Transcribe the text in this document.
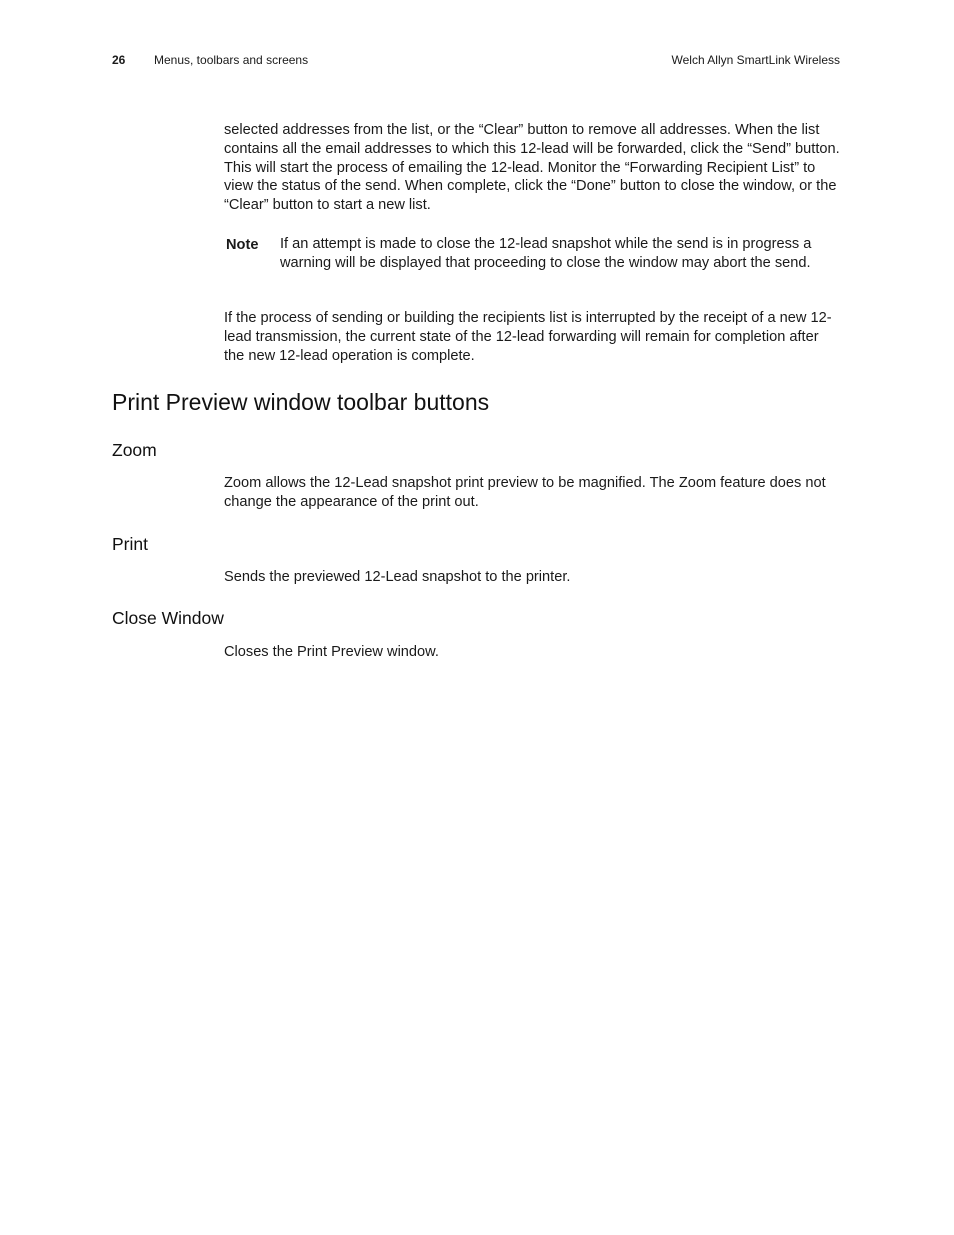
26 Menus, toolbars and screens	Welch Allyn SmartLink Wireless

selected addresses from the list, or the “Clear” button to remove all addresses. When the list contains all the email addresses to which this 12-lead will be forwarded, click the “Send” button. This will start the process of emailing the 12-lead. Monitor the “Forwarding Recipient List” to view the status of the send. When complete, click the “Done” button to close the window, or the “Clear” button to start a new list.

Note If an attempt is made to close the 12-lead snapshot while the send is in progress a warning will be displayed that proceeding to close the window may abort the send.

If the process of sending or building the recipients list is interrupted by the receipt of a new 12-lead transmission, the current state of the 12-lead forwarding will remain for completion after the new 12-lead operation is complete.

Print Preview window toolbar buttons
Zoom

Zoom allows the 12-Lead snapshot print preview to be magnified. The Zoom feature does not change the appearance of the print out.

Print

Sends the previewed 12-Lead snapshot to the printer.

Close Window

Closes the Print Preview window.
